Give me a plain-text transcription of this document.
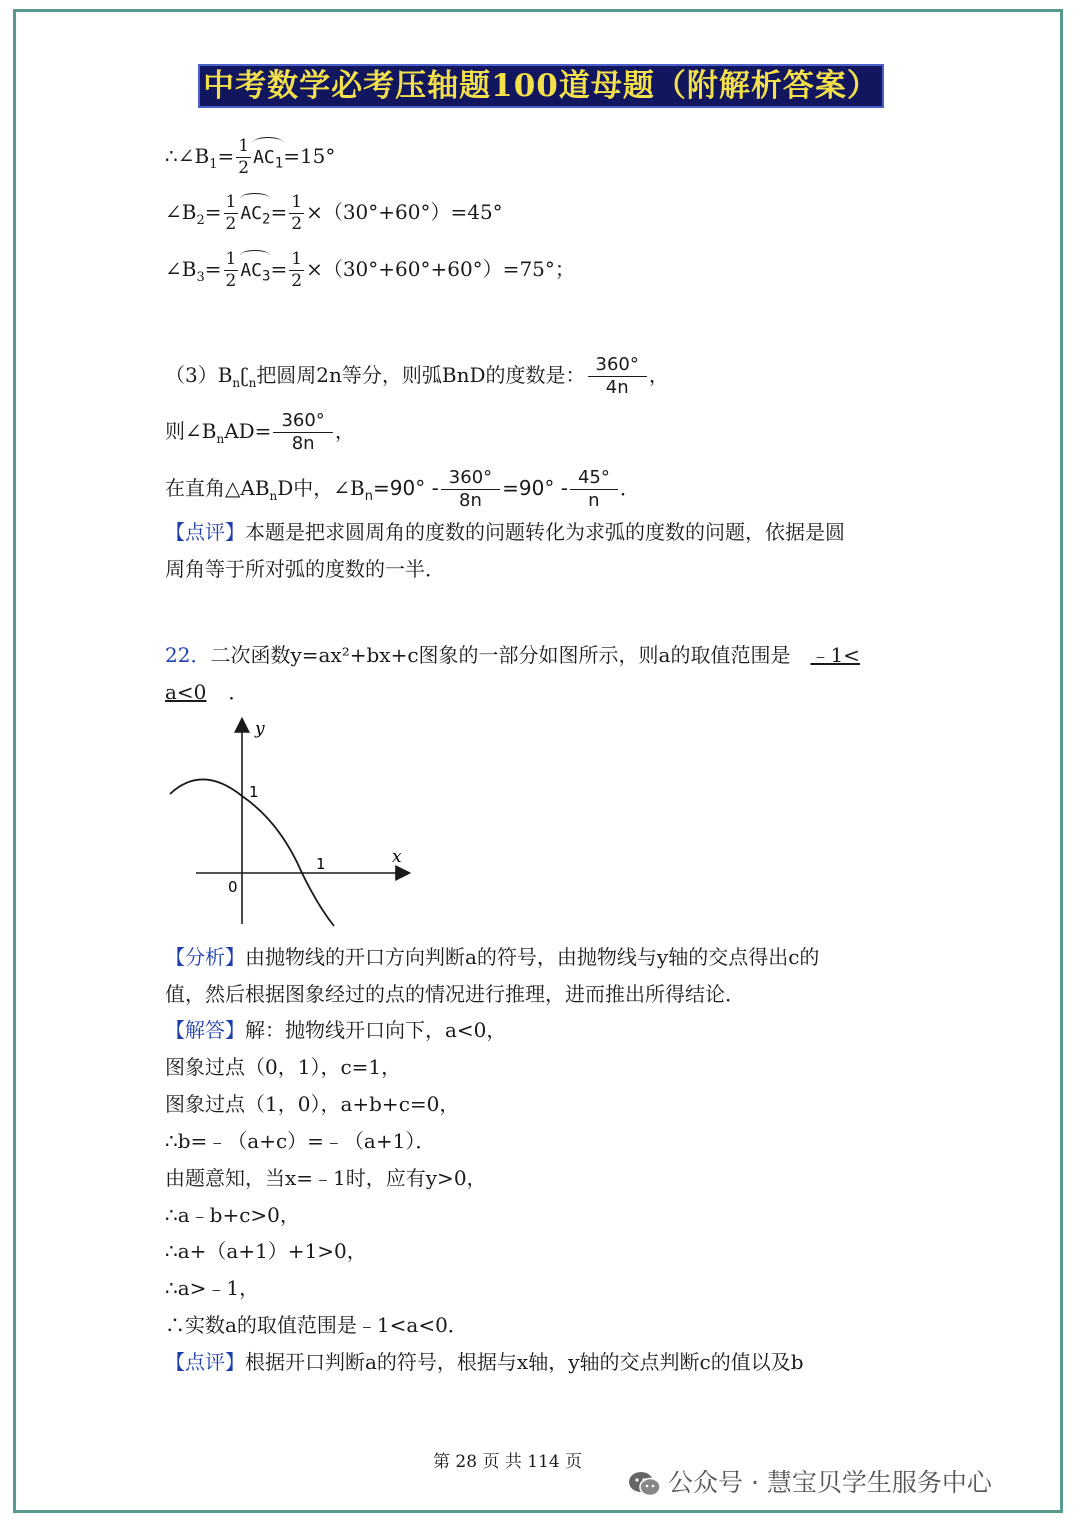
中考数学必考压轴题100道母题（附解析答案）
$\therefore\angle B_1= \frac{1}{2} AC_1=15^\circ$
$\angle B_2= \frac{1}{2} AC_2= \frac{1}{2} \times(30^\circ+60^\circ)=45^\circ$
$\angle B_3= \frac{1}{2} AC_3= \frac{1}{2} \times(30^\circ+60^\circ+60^\circ)=75^\circ$；
$(3)B_nʗ_n$把圆周2n等分，则弧BnD的度数是： $\frac{360^\circ}{4n}$ ，
则$\angle B_nAD= \frac{360^\circ}{8n}$ ，
在直角$\triangle AB_nD$中，$\angle B_n=90^\circ - \frac{360^\circ}{8n} =90^\circ - \frac{45^\circ}{n}$ ．
【点评】本题是把求圆周角的度数的问题转化为求弧的度数的问题，依据是圆
周角等于所对弧的度数的一半．
22．二次函数y=ax²+bx+c图象的一部分如图所示，则a的取值范围是 ﹣1<
a<0 ．
y
x
0
1
1
【分析】由抛物线的开口方向判断a的符号，由抛物线与y轴的交点得出c的
值，然后根据图象经过的点的情况进行推理，进而推出所得结论．
【解答】解：抛物线开口向下，a<0，
图象过点（0，1），c=1，
图象过点（1，0），a+b+c=0，
∴b=﹣（a+c）=﹣（a+1）．
由题意知，当x=﹣1时，应有y>0，
∴a﹣b+c>0，
∴a+（a+1）+1>0，
∴a>﹣1，
∴实数a的取值范围是﹣1<a<0．
【点评】根据开口判断a的符号，根据与x轴，y轴的交点判断c的值以及b
第 28 页 共 114 页
公众号 · 慧宝贝学生服务中心
